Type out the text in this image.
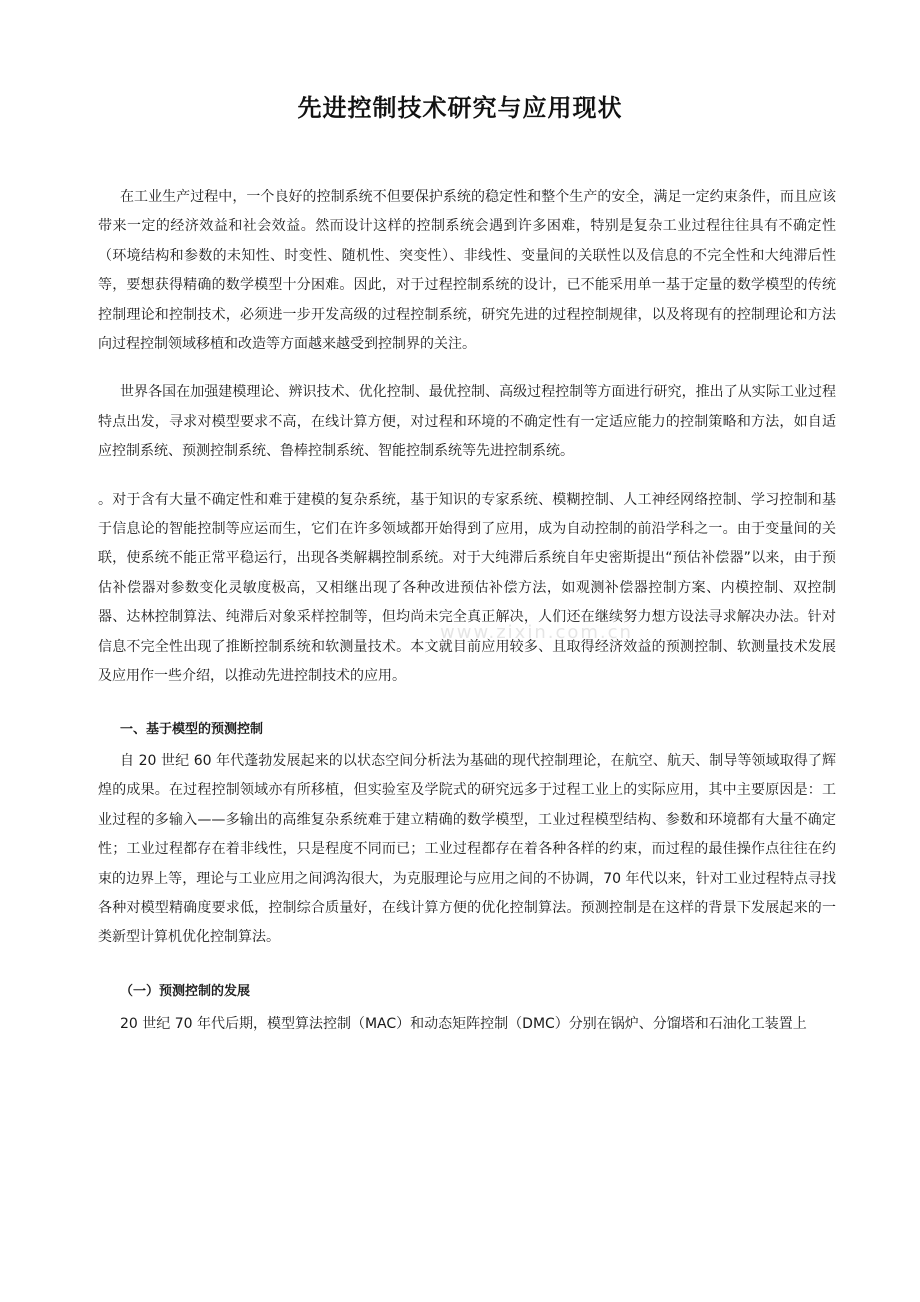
先进控制技术研究与应用现状
www.zixin.com.cn

在工业生产过程中，一个良好的控制系统不但要保护系统的稳定性和整个生产的安全，满足一定约束条件，而且应该带来一定的经济效益和社会效益。然而设计这样的控制系统会遇到许多困难，特别是复杂工业过程往往具有不确定性（环境结构和参数的未知性、时变性、随机性、突变性）、非线性、变量间的关联性以及信息的不完全性和大纯滞后性等，要想获得精确的数学模型十分困难。因此，对于过程控制系统的设计，已不能采用单一基于定量的数学模型的传统控制理论和控制技术，必须进一步开发高级的过程控制系统，研究先进的过程控制规律，以及将现有的控制理论和方法向过程控制领域移植和改造等方面越来越受到控制界的关注。

世界各国在加强建模理论、辨识技术、优化控制、最优控制、高级过程控制等方面进行研究，推出了从实际工业过程特点出发，寻求对模型要求不高，在线计算方便，对过程和环境的不确定性有一定适应能力的控制策略和方法，如自适应控制系统、预测控制系统、鲁棒控制系统、智能控制系统等先进控制系统。

。对于含有大量不确定性和难于建模的复杂系统，基于知识的专家系统、模糊控制、人工神经网络控制、学习控制和基于信息论的智能控制等应运而生，它们在许多领域都开始得到了应用，成为自动控制的前沿学科之一。由于变量间的关联，使系统不能正常平稳运行，出现各类解耦控制系统。对于大纯滞后系统自年史密斯提出“预估补偿器”以来，由于预估补偿器对参数变化灵敏度极高，又相继出现了各种改进预估补偿方法，如观测补偿器控制方案、内模控制、双控制器、达林控制算法、纯滞后对象采样控制等，但均尚未完全真正解决，人们还在继续努力想方设法寻求解决办法。针对信息不完全性出现了推断控制系统和软测量技术。本文就目前应用较多、且取得经济效益的预测控制、软测量技术发展及应用作一些介绍，以推动先进控制技术的应用。

一、基于模型的预测控制

自 20 世纪 60 年代蓬勃发展起来的以状态空间分析法为基础的现代控制理论，在航空、航天、制导等领域取得了辉煌的成果。在过程控制领域亦有所移植，但实验室及学院式的研究远多于过程工业上的实际应用，其中主要原因是：工业过程的多输入——多输出的高维复杂系统难于建立精确的数学模型，工业过程模型结构、参数和环境都有大量不确定性；工业过程都存在着非线性，只是程度不同而已；工业过程都存在着各种各样的约束，而过程的最佳操作点往往在约束的边界上等，理论与工业应用之间鸿沟很大，为克服理论与应用之间的不协调，70 年代以来，针对工业过程特点寻找各种对模型精确度要求低，控制综合质量好，在线计算方便的优化控制算法。预测控制是在这样的背景下发展起来的一类新型计算机优化控制算法。

（一）预测控制的发展

20 世纪 70 年代后期，模型算法控制（MAC）和动态矩阵控制（DMC）分别在锅炉、分馏塔和石油化工装置上
